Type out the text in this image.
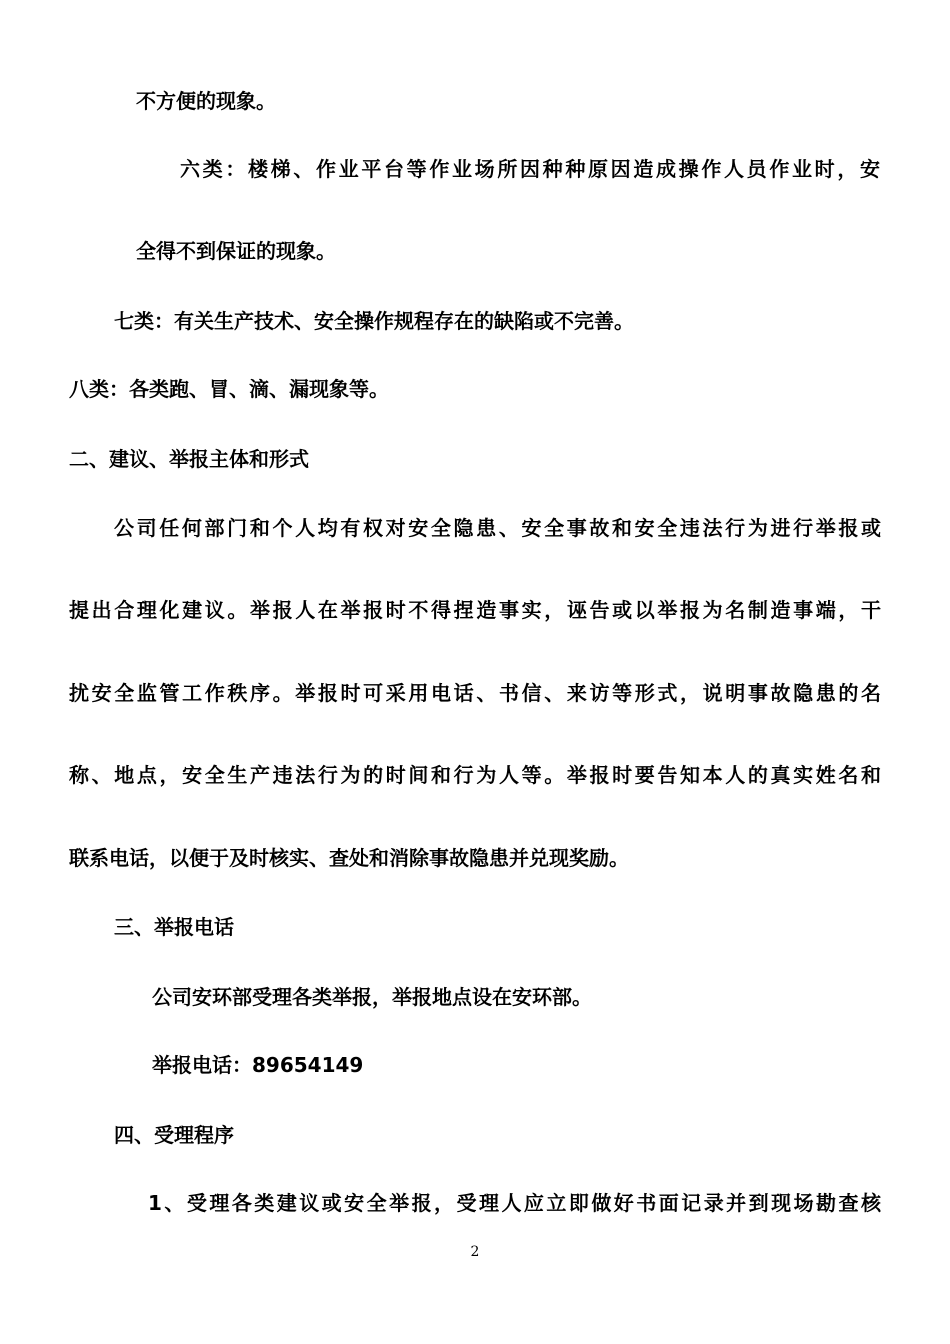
不方便的现象。
六类：楼梯、作业平台等作业场所因种种原因造成操作人员作业时，安
全得不到保证的现象。
七类：有关生产技术、安全操作规程存在的缺陷或不完善。
八类：各类跑、冒、滴、漏现象等。
二、建议、举报主体和形式
公司任何部门和个人均有权对安全隐患、安全事故和安全违法行为进行举报或
提出合理化建议。举报人在举报时不得捏造事实，诬告或以举报为名制造事端，干
扰安全监管工作秩序。举报时可采用电话、书信、来访等形式，说明事故隐患的名
称、地点，安全生产违法行为的时间和行为人等。举报时要告知本人的真实姓名和
联系电话，以便于及时核实、查处和消除事故隐患并兑现奖励。
三、举报电话
公司安环部受理各类举报，举报地点设在安环部。
举报电话：89654149
四、受理程序
1、受理各类建议或安全举报，受理人应立即做好书面记录并到现场勘查核
2
